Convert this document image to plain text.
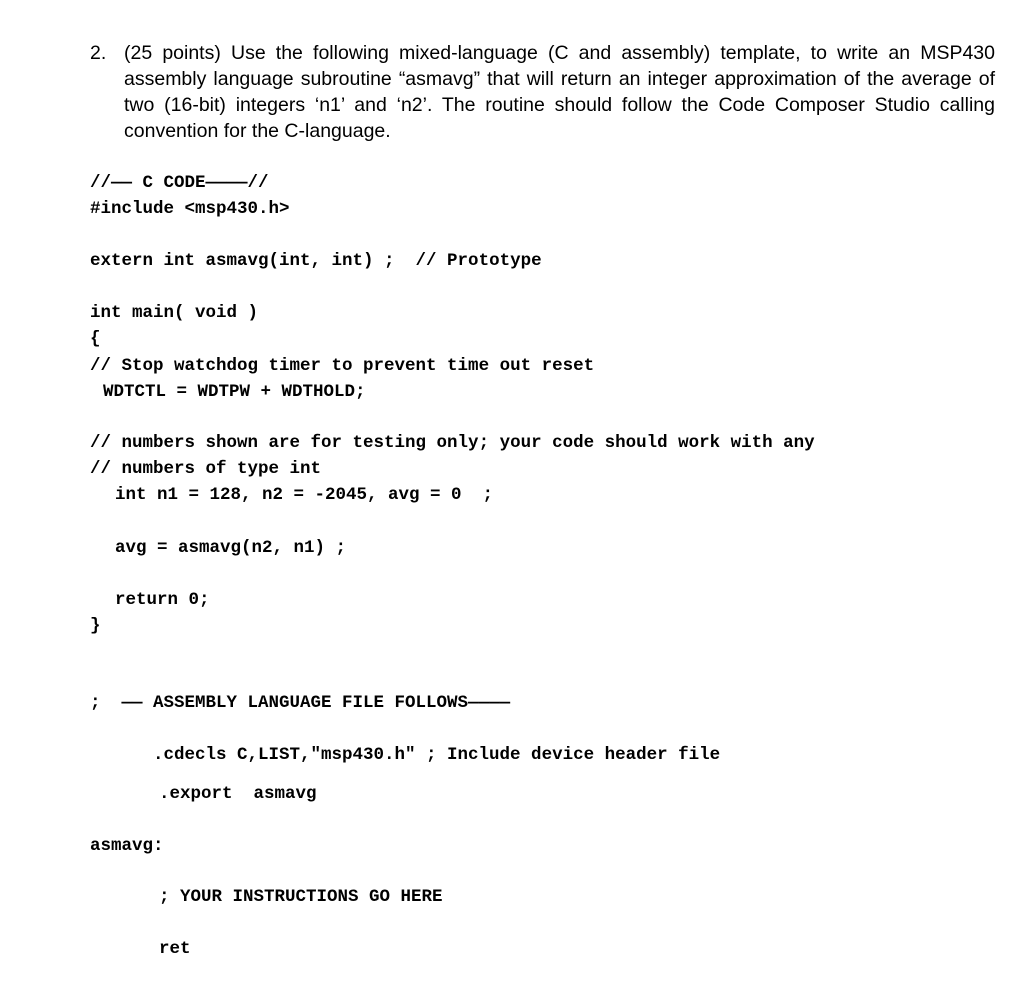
2. (25 points) Use the following mixed-language (C and assembly) template, to write an MSP430 assembly language subroutine “asmavg” that will return an integer approximation of the average of two (16-bit) integers ‘n1’ and ‘n2’. The routine should follow the Code Composer Studio calling convention for the C-language.
//—— C CODE————//
#include <msp430.h>
extern int asmavg(int, int) ;  // Prototype
int main( void )
{
// Stop watchdog timer to prevent time out reset
WDTCTL = WDTPW + WDTHOLD;
// numbers shown are for testing only; your code should work with any
// numbers of type int
int n1 = 128, n2 = -2045, avg = 0  ;
avg = asmavg(n2, n1) ;
return 0;
}
;  —— ASSEMBLY LANGUAGE FILE FOLLOWS————
.cdecls C,LIST,"msp430.h" ; Include device header file
.export  asmavg
asmavg:
; YOUR INSTRUCTIONS GO HERE
ret
